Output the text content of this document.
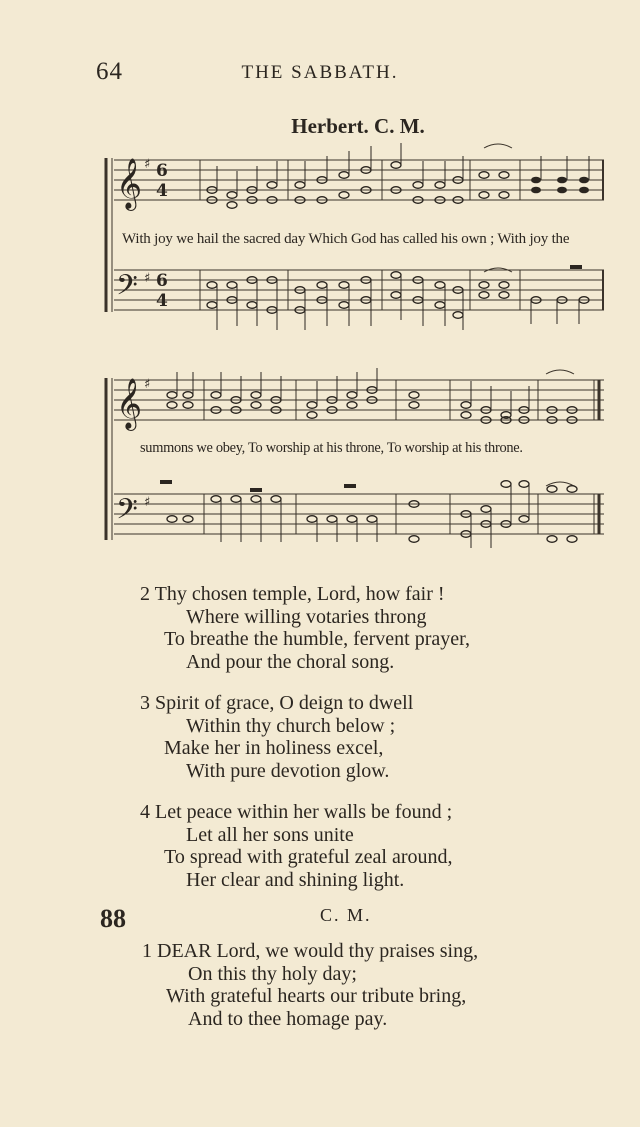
64	THE SABBATH.
Herbert. C. M.
𝄞 ♯ 6
4
𝄢 ♯ 6
4
With joy we hail the sacred day Which God has called his own ; With joy the
𝄞 ♯
𝄢 ♯
summons we obey, To worship at his throne, To worship at his throne.
2 Thy chosen temple, Lord, how fair !
Where willing votaries throng
To breathe the humble, fervent prayer,
And pour the choral song.
3 Spirit of grace, O deign to dwell
Within thy church below ;
Make her in holiness excel,
With pure devotion glow.
4 Let peace within her walls be found ;
Let all her sons unite
To spread with grateful zeal around,
Her clear and shining light.
88	C. M.
1 DEAR Lord, we would thy praises sing,
On this thy holy day;
With grateful hearts our tribute bring,
And to thee homage pay.
